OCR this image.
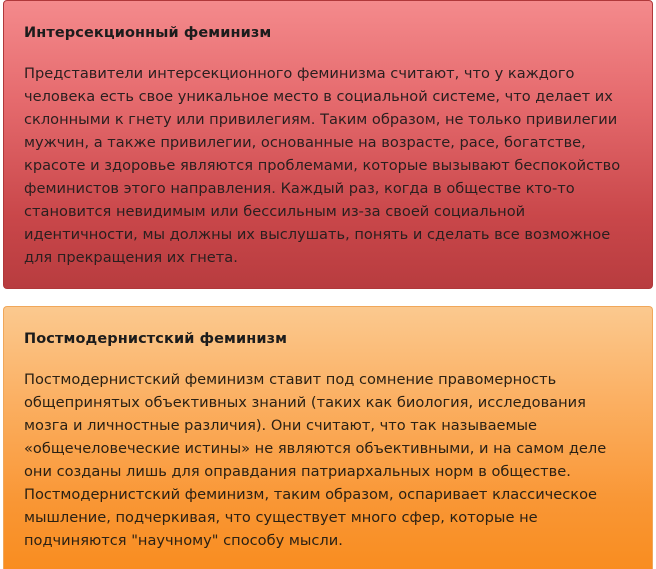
Интерсекционный феминизм

Представители интерсекционного феминизма считают, что у каждого человека есть свое уникальное место в социальной системе, что делает их склонными к гнету или привилегиям. Таким образом, не только привилегии мужчин, а также привилегии, основанные на возрасте, расе, богатстве, красоте и здоровье являются проблемами, которые вызывают беспокойство феминистов этого направления. Каждый раз, когда в обществе кто-то становится невидимым или бессильным из-за своей социальной идентичности, мы должны их выслушать, понять и сделать все возможное для прекращения их гнета.

Постмодернистский феминизм

Постмодернистский феминизм ставит под сомнение правомерность общепринятых объективных знаний (таких как биология, исследования мозга и личностные различия). Они считают, что так называемые «общечеловеческие истины» не являются объективными, и на самом деле они созданы лишь для оправдания патриархальных норм в обществе. Постмодернистский феминизм, таким образом, оспаривает классическое мышление, подчеркивая, что существует много сфер, которые не подчиняются "научному" способу мысли.
